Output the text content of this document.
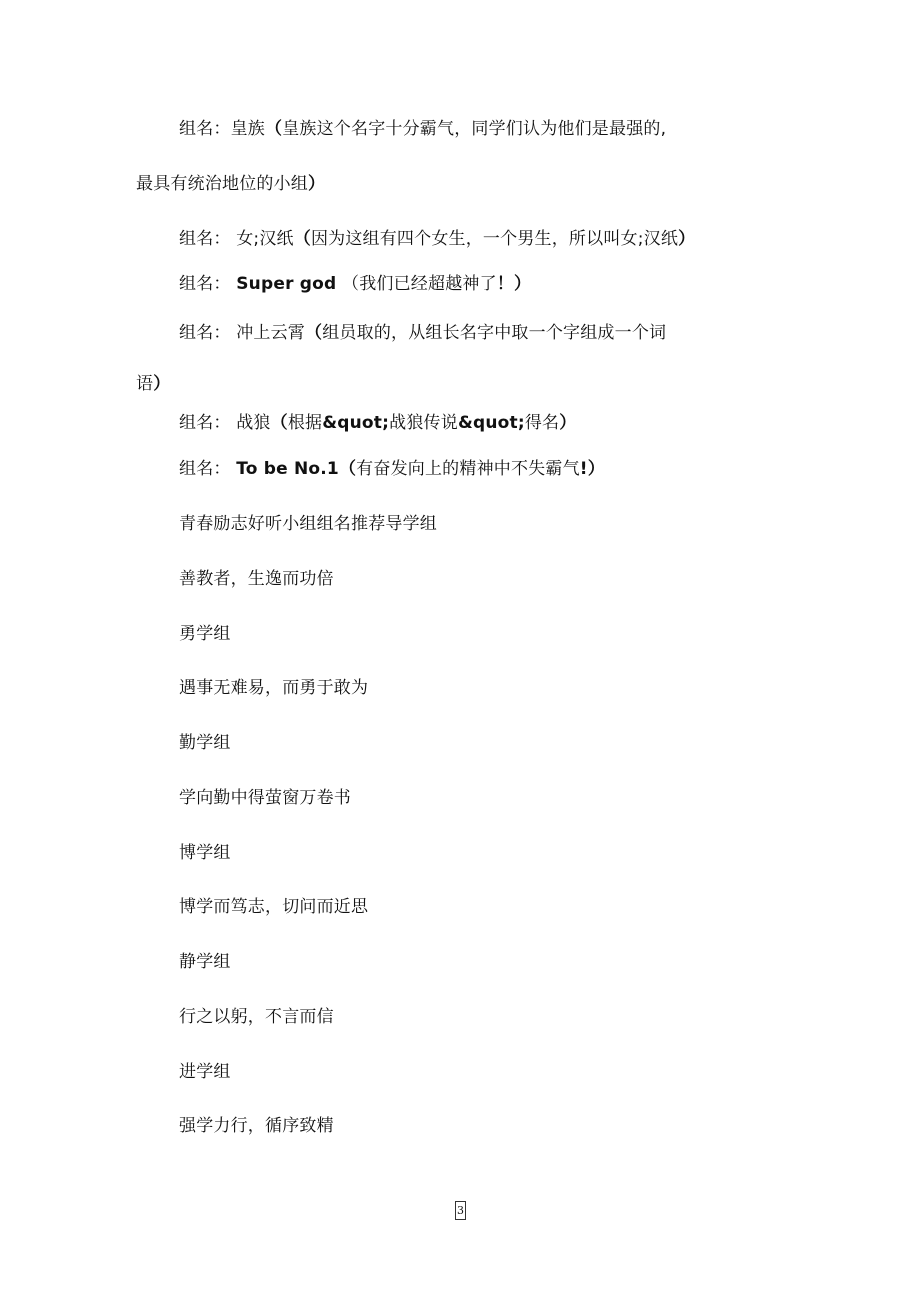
组名：皇族（皇族这个名字十分霸气，同学们认为他们是最强的,
最具有统治地位的小组）
组名： 女;汉纸（因为这组有四个女生，一个男生，所以叫女;汉纸）
组名： Super god （我们已经超越神了！）
组名： 冲上云霄（组员取的，从组长名字中取一个字组成一个词
语）
组名： 战狼（根据&quot;战狼传说&quot;得名）
组名： To be No.1（有奋发向上的精神中不失霸气!）
青春励志好听小组组名推荐导学组
善教者，生逸而功倍
勇学组
遇事无难易，而勇于敢为
勤学组
学向勤中得萤窗万卷书
博学组
博学而笃志，切问而近思
静学组
行之以躬，不言而信
进学组
强学力行，循序致精
3
